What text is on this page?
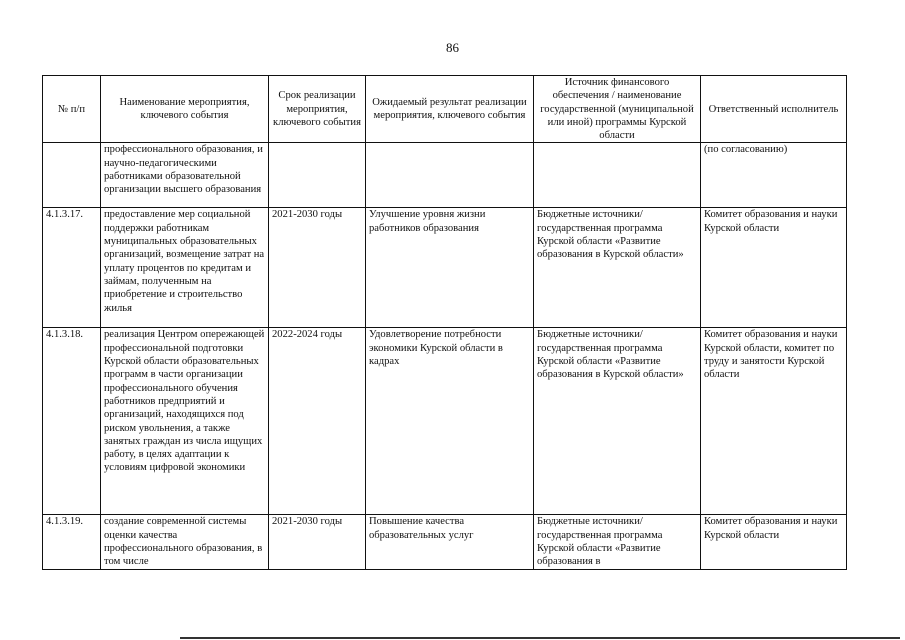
86
№ п/п	Наименование мероприятия, ключевого события	Срок реализации мероприятия, ключевого события	Ожидаемый результат реализации мероприятия, ключевого события	Источник финансового обеспечения / наименование государственной (муниципальной или иной) программы Курской области	Ответственный исполнитель
	профессионального образования, и научно-педагогическими работниками образовательной организации высшего образования				(по согласованию)
4.1.3.17.	предоставление мер социальной поддержки работникам муниципальных образовательных организаций, возмещение затрат на уплату процентов по кредитам и займам, полученным на приобретение и строительство жилья	2021-2030 годы	Улучшение уровня жизни работников образования	Бюджетные источники/государственная программа Курской области «Развитие образования в Курской области»	Комитет образования и науки Курской области
4.1.3.18.	реализация Центром опережающей профессиональной подготовки Курской области образовательных программ в части организации профессионального обучения работников предприятий и организаций, находящихся под риском увольнения, а также занятых граждан из числа ищущих работу, в целях адаптации к условиям цифровой экономики	2022-2024 годы	Удовлетворение потребности экономики Курской области в кадрах	Бюджетные источники/государственная программа Курской области «Развитие образования в Курской области»	Комитет образования и науки Курской области, комитет по труду и занятости Курской области
4.1.3.19.	создание современной системы оценки качества профессионального образования, в том числе	2021-2030 годы	Повышение качества образовательных услуг	Бюджетные источники/государственная программа Курской области «Развитие образования в	Комитет образования и науки Курской области
